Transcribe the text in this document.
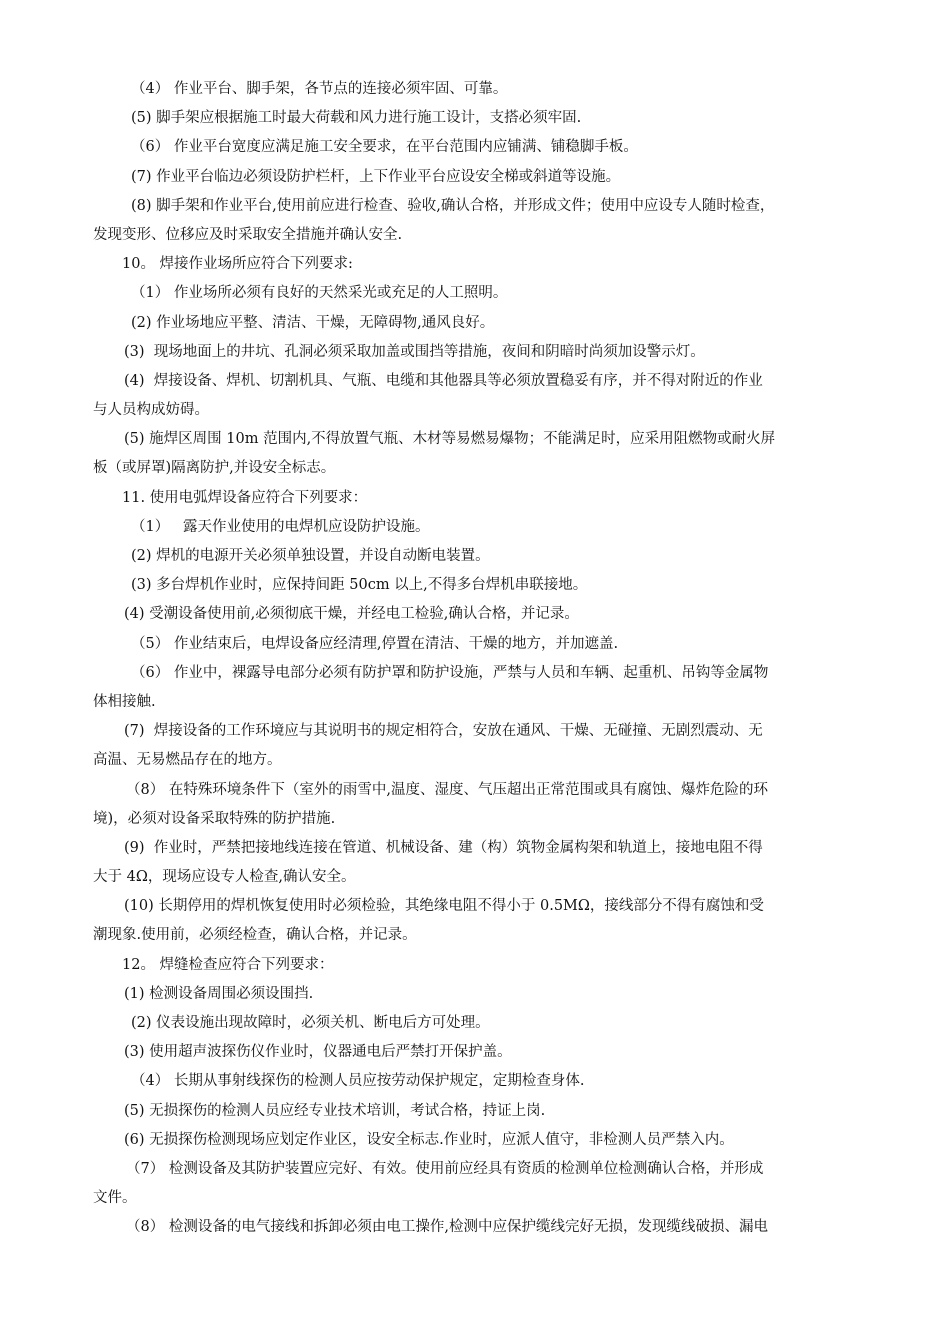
（4） 作业平台、脚手架，各节点的连接必须牢固、可靠。
(5) 脚手架应根据施工时最大荷载和风力进行施工设计，支搭必须牢固.
（6） 作业平台宽度应满足施工安全要求，在平台范围内应铺满、铺稳脚手板。
(7) 作业平台临边必须设防护栏杆，上下作业平台应设安全梯或斜道等设施。
(8) 脚手架和作业平台,使用前应进行检查、验收,确认合格，并形成文件；使用中应设专人随时检查，
发现变形、位移应及时采取安全措施并确认安全.
10。 焊接作业场所应符合下列要求:
（1） 作业场所必须有良好的天然采光或充足的人工照明。
(2) 作业场地应平整、清洁、干燥，无障碍物,通风良好。
(3)  现场地面上的井坑、孔洞必须采取加盖或围挡等措施，夜间和阴暗时尚须加设警示灯。
(4)  焊接设备、焊机、切割机具、气瓶、电缆和其他器具等必须放置稳妥有序，并不得对附近的作业
与人员构成妨碍。
(5) 施焊区周围 10m 范围内,不得放置气瓶、木材等易燃易爆物；不能满足时，应采用阻燃物或耐火屏
板（或屏罩)隔离防护,并设安全标志。
11. 使用电弧焊设备应符合下列要求：
（1）   露天作业使用的电焊机应设防护设施。
(2) 焊机的电源开关必须单独设置，并设自动断电装置。
(3) 多台焊机作业时，应保持间距 50cm 以上,不得多台焊机串联接地。
(4) 受潮设备使用前,必须彻底干燥，并经电工检验,确认合格，并记录。
（5） 作业结束后，电焊设备应经清理,停置在清洁、干燥的地方，并加遮盖.
（6） 作业中，裸露导电部分必须有防护罩和防护设施，严禁与人员和车辆、起重机、吊钩等金属物
体相接触.
(7)  焊接设备的工作环境应与其说明书的规定相符合，安放在通风、干燥、无碰撞、无剧烈震动、无
高温、无易燃品存在的地方。
（8） 在特殊环境条件下（室外的雨雪中,温度、湿度、气压超出正常范围或具有腐蚀、爆炸危险的环
境)，必须对设备采取特殊的防护措施.
(9)  作业时，严禁把接地线连接在管道、机械设备、建（构）筑物金属构架和轨道上，接地电阻不得
大于 4Ω，现场应设专人检查,确认安全。
(10) 长期停用的焊机恢复使用时必须检验，其绝缘电阻不得小于 0.5MΩ，接线部分不得有腐蚀和受
潮现象.使用前，必须经检查，确认合格，并记录。
12。 焊缝检查应符合下列要求：
(1) 检测设备周围必须设围挡.
(2) 仪表设施出现故障时，必须关机、断电后方可处理。
(3) 使用超声波探伤仪作业时，仪器通电后严禁打开保护盖。
（4） 长期从事射线探伤的检测人员应按劳动保护规定，定期检查身体.
(5) 无损探伤的检测人员应经专业技术培训，考试合格，持证上岗.
(6) 无损探伤检测现场应划定作业区，设安全标志.作业时，应派人值守，非检测人员严禁入内。
（7） 检测设备及其防护装置应完好、有效。使用前应经具有资质的检测单位检测确认合格，并形成
文件。
（8） 检测设备的电气接线和拆卸必须由电工操作,检测中应保护缆线完好无损，发现缆线破损、漏电
